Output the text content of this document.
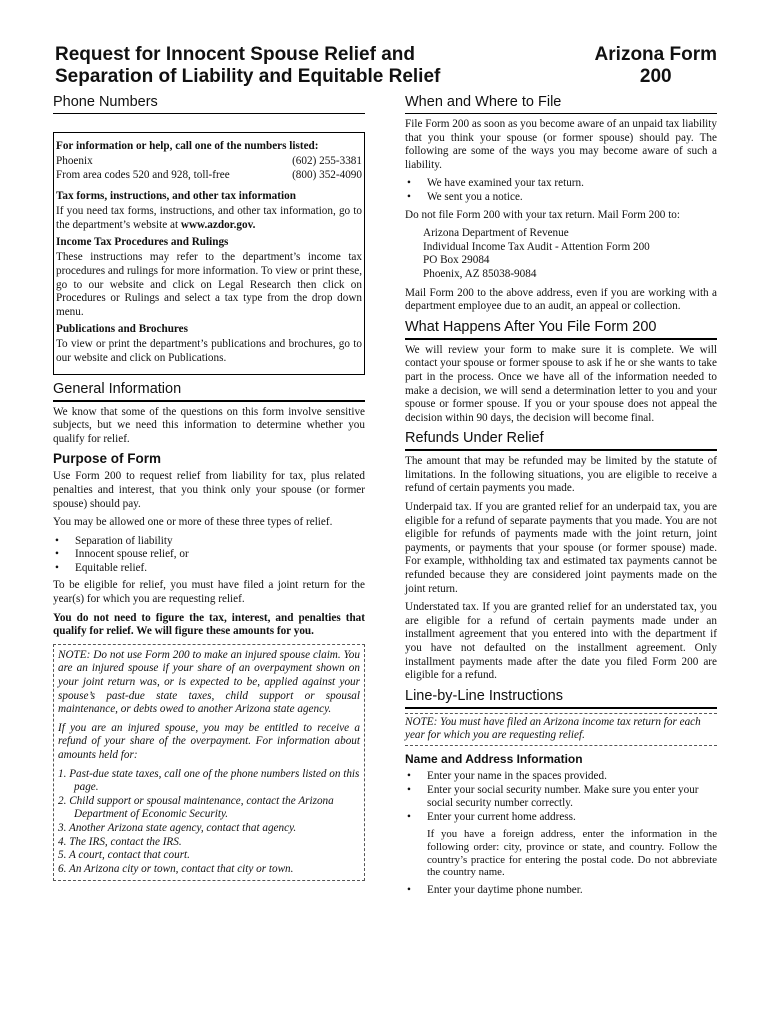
Request for Innocent Spouse Relief and
Separation of Liability and Equitable Relief
Arizona Form
200
Phone Numbers
For information or help, call one of the numbers listed:
Phoenix	(602) 255-3381
From area codes 520 and 928, toll-free	(800) 352-4090
Tax forms, instructions, and other tax information

If you need tax forms, instructions, and other tax information, go to the department’s website at www.azdor.gov.

Income Tax Procedures and Rulings

These instructions may refer to the department’s income tax procedures and rulings for more information. To view or print these, go to our website and click on Legal Research then click on Procedures or Rulings and select a tax type from the drop down menu.

Publications and Brochures

To view or print the department’s publications and brochures, go to our website and click on Publications.

General Information

We know that some of the questions on this form involve sensitive subjects, but we need this information to determine whether you qualify for relief.

Purpose of Form

Use Form 200 to request relief from liability for tax, plus related penalties and interest, that you think only your spouse (or former spouse) should pay.

You may be allowed one or more of these three types of relief.

• Separation of liability
• Innocent spouse relief, or
• Equitable relief.

To be eligible for relief, you must have filed a joint return for the year(s) for which you are requesting relief.

You do not need to figure the tax, interest, and penalties that qualify for relief. We will figure these amounts for you.

NOTE: Do not use Form 200 to make an injured spouse claim. You are an injured spouse if your share of an overpayment shown on your joint return was, or is expected to be, applied against your spouse’s past-due state taxes, child support or spousal maintenance, or debts owed to another Arizona state agency.

If you are an injured spouse, you may be entitled to receive a refund of your share of the overpayment. For information about amounts held for:

1. Past-due state taxes, call one of the phone numbers listed on this page.
2. Child support or spousal maintenance, contact the Arizona Department of Economic Security.
3. Another Arizona state agency, contact that agency.
4. The IRS, contact the IRS.
5. A court, contact that court.
6. An Arizona city or town, contact that city or town.
When and Where to File

File Form 200 as soon as you become aware of an unpaid tax liability that you think your spouse (or former spouse) should pay. The following are some of the ways you may become aware of such a liability.

• We have examined your tax return.
• We sent you a notice.

Do not file Form 200 with your tax return. Mail Form 200 to:

Arizona Department of Revenue
Individual Income Tax Audit - Attention Form 200
PO Box 29084
Phoenix, AZ 85038-9084

Mail Form 200 to the above address, even if you are working with a department employee due to an audit, an appeal or collection.

What Happens After You File Form 200

We will review your form to make sure it is complete. We will contact your spouse or former spouse to ask if he or she wants to take part in the process. Once we have all of the information needed to make a decision, we will send a determination letter to you and your spouse or former spouse. If you or your spouse does not appeal the decision within 90 days, the decision will become final.

Refunds Under Relief

The amount that may be refunded may be limited by the statute of limitations. In the following situations, you are eligible to receive a refund of certain payments you made.

Underpaid tax. If you are granted relief for an underpaid tax, you are eligible for a refund of separate payments that you made. You are not eligible for refunds of payments made with the joint return, joint payments, or payments that your spouse (or former spouse) made. For example, withholding tax and estimated tax payments cannot be refunded because they are considered joint payments made on the joint return.

Understated tax. If you are granted relief for an understated tax, you are eligible for a refund of certain payments made under an installment agreement that you entered into with the department if you have not defaulted on the installment agreement. Only installment payments made after the date you filed Form 200 are eligible for a refund.

Line-by-Line Instructions
NOTE: You must have filed an Arizona income tax return for each year for which you are requesting relief.
Name and Address Information
• Enter your name in the spaces provided.
• Enter your social security number. Make sure you enter your social security number correctly.
• Enter your current home address.

If you have a foreign address, enter the information in the following order: city, province or state, and country. Follow the country’s practice for entering the postal code. Do not abbreviate the country name.

• Enter your daytime phone number.
